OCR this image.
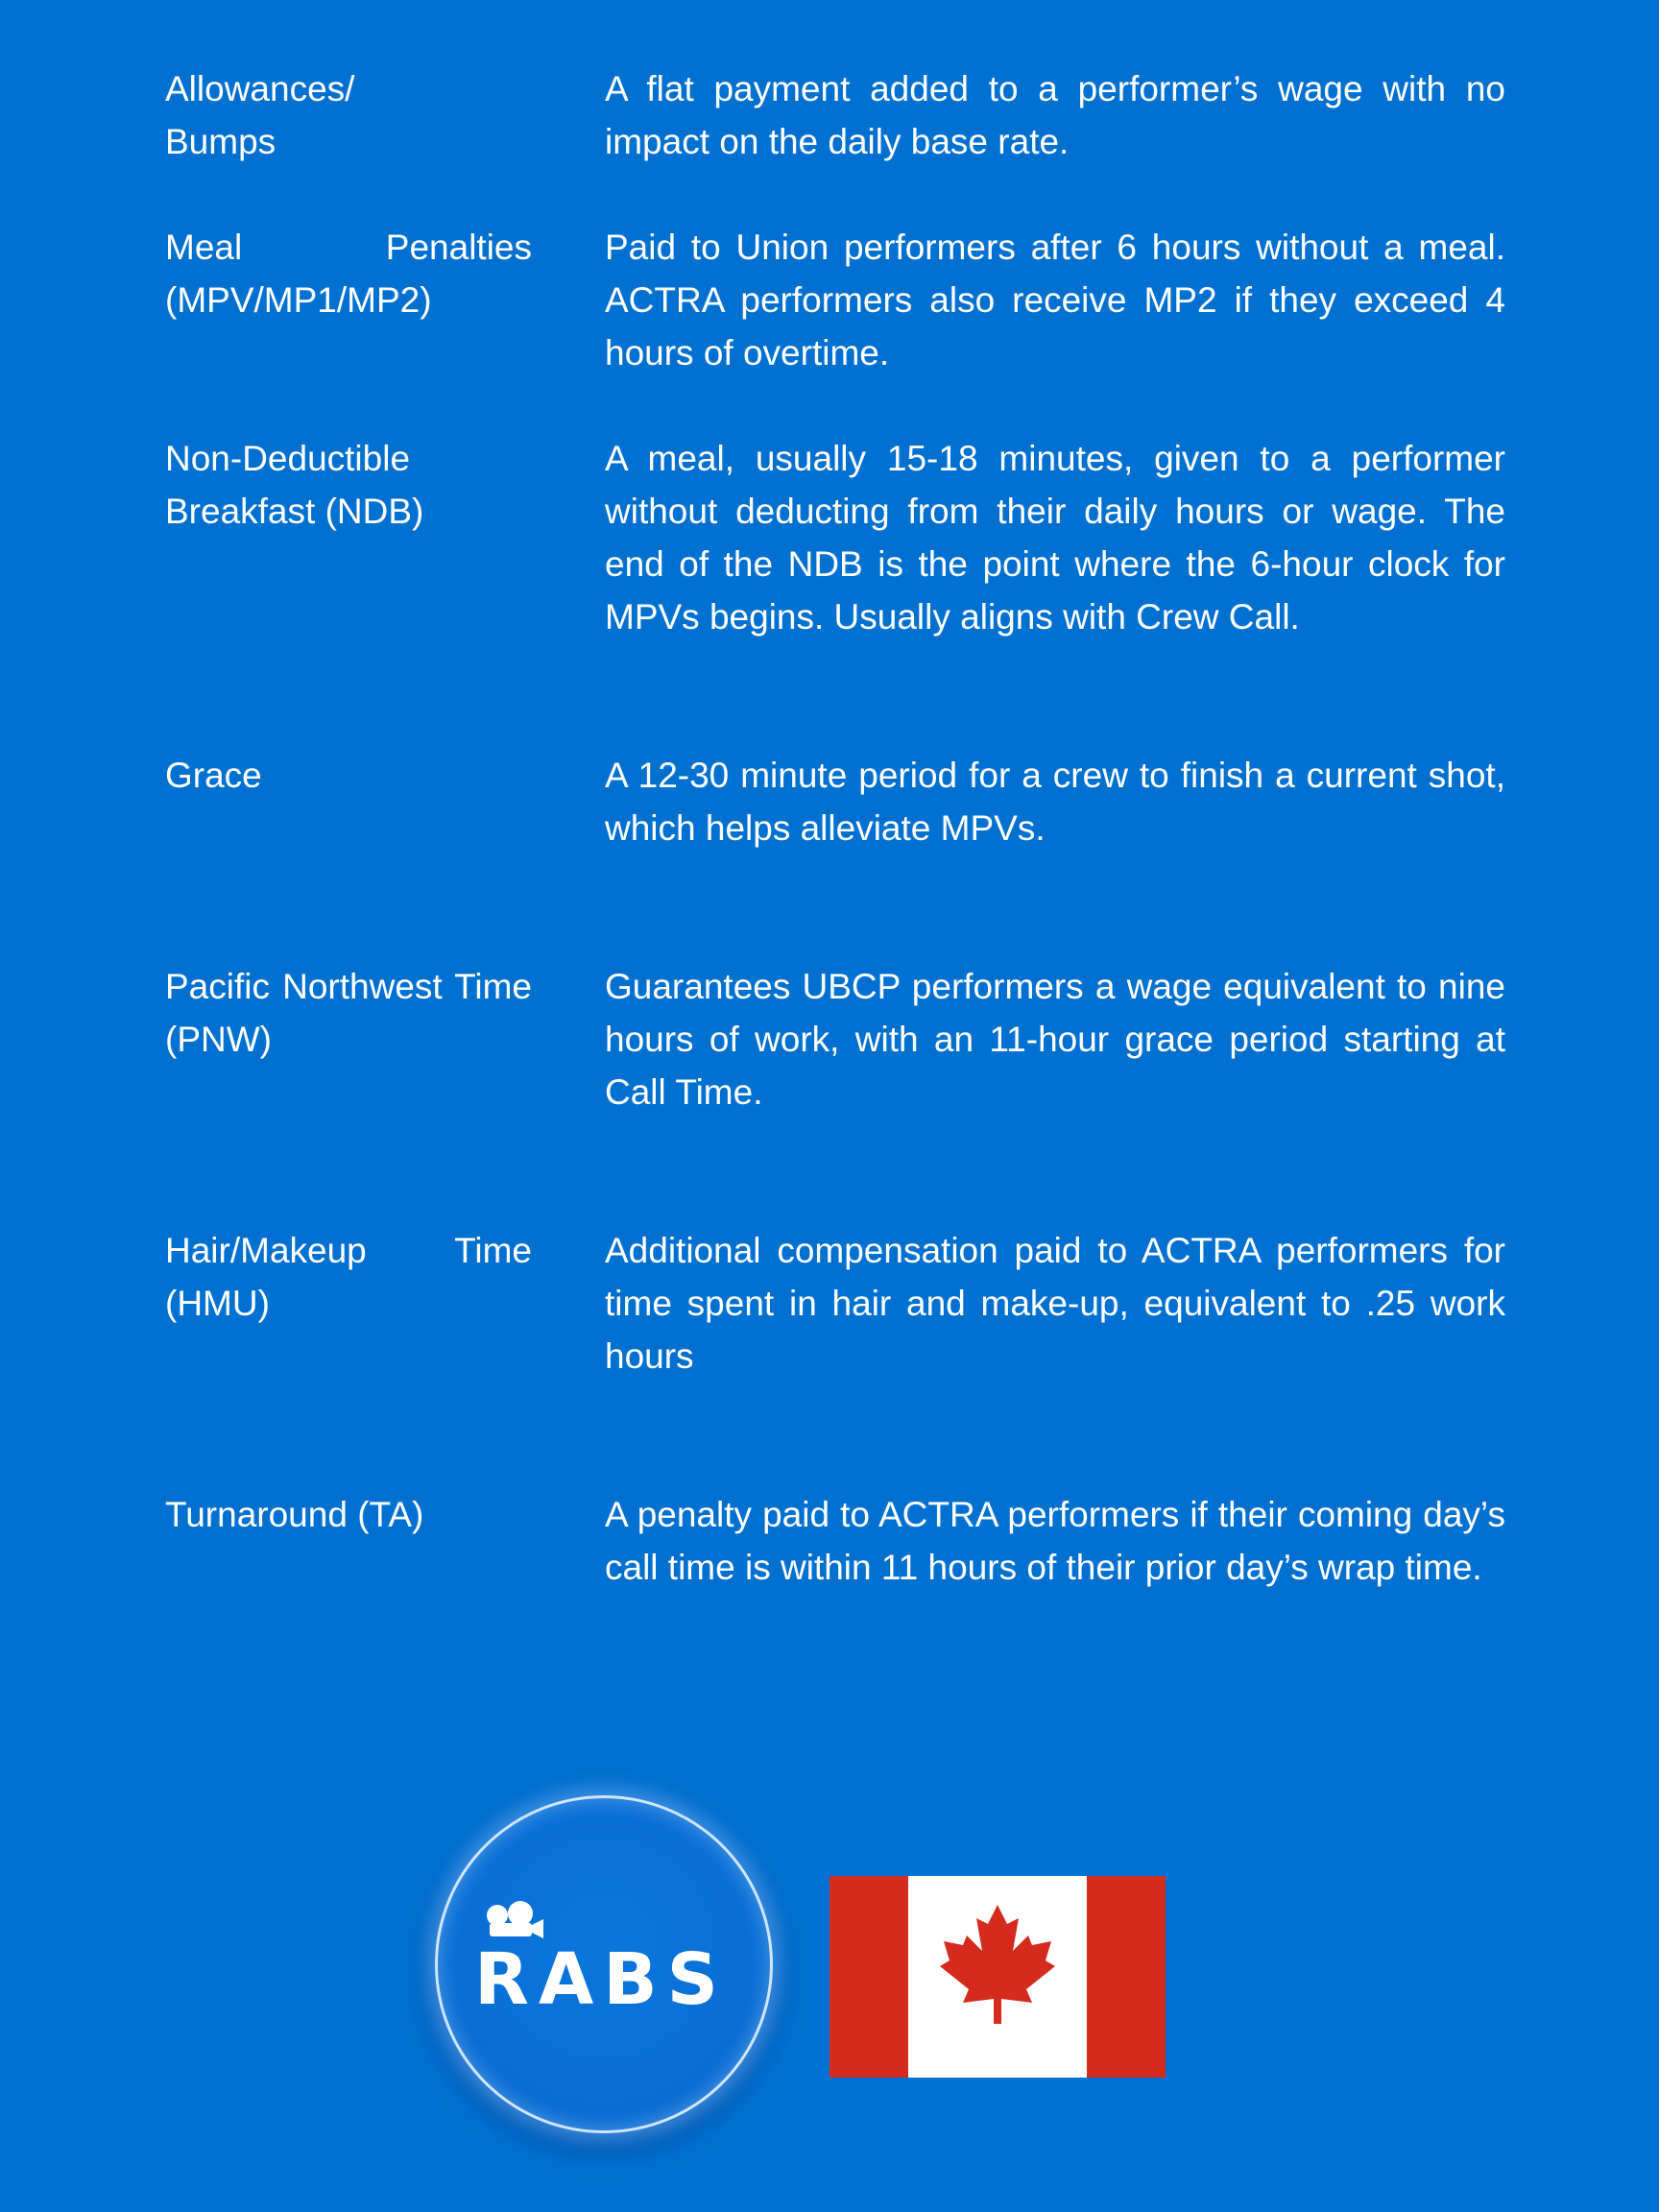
Allowances/ Bumps
A flat payment added to a performer’s wage with no impact on the daily base rate.
Meal Penalties (MPV/MP1/MP2)
Paid to Union performers after 6 hours without a meal. ACTRA performers also receive MP2 if they exceed 4 hours of overtime.
Non-Deductible Breakfast (NDB)
A meal, usually 15-18 minutes, given to a performer without deducting from their daily hours or wage. The end of the NDB is the point where the 6-hour clock for MPVs begins. Usually aligns with Crew Call.
Grace	A 12-30 minute period for a crew to finish a current shot, which helps alleviate MPVs.
Pacific Northwest Time (PNW)
Guarantees UBCP performers a wage equivalent to nine hours of work, with an 11-hour grace period starting at Call Time.
Hair/Makeup Time (HMU)
Additional compensation paid to ACTRA performers for time spent in hair and make-up, equivalent to .25 work hours
Turnaround (TA)	A penalty paid to ACTRA performers if their coming day’s call time is within 11 hours of their prior day’s wrap time.
RABS
